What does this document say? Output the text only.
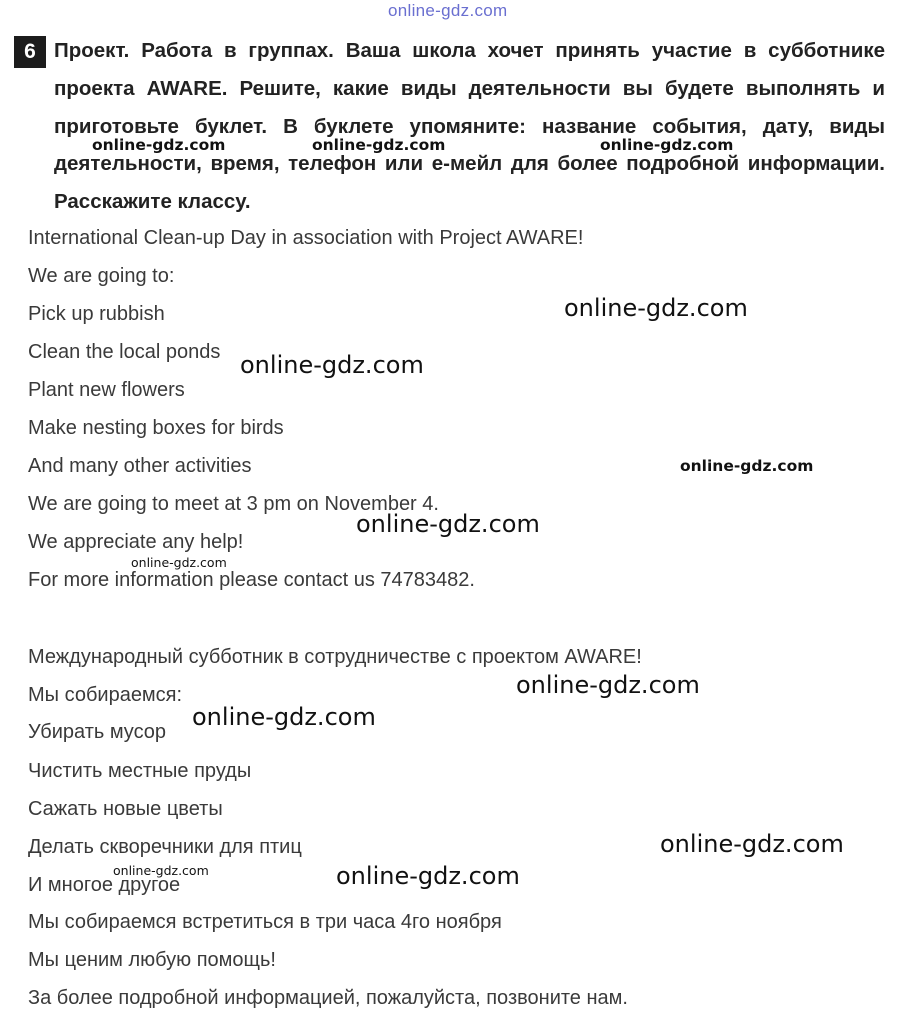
online-gdz.com
6 Проект. Работа в группах. Ваша школа хочет принять участие в субботнике проекта AWARE. Решите, какие виды деятельности вы будете выполнять и приготовьте буклет. В буклете упомяните: название события, дату, виды деятельности, время, телефон или е-мейл для более подробной информации. Расскажите классу.

International Clean-up Day in association with Project AWARE!
We are going to:
Pick up rubbish
Clean the local ponds
Plant new flowers
Make nesting boxes for birds
And many other activities
We are going to meet at 3 pm on November 4.
We appreciate any help!
For more information please contact us 74783482.
Международный субботник в сотрудничестве с проектом AWARE!
Мы собираемся:
Убирать мусор
Чистить местные пруды
Сажать новые цветы
Делать скворечники для птиц
И многое другое
Мы собираемся встретиться в три часа 4го ноября
Мы ценим любую помощь!
За более подробной информацией, пожалуйста, позвоните нам.
online-gdz.com	online-gdz.com	online-gdz.com
online-gdz.com
online-gdz.com
online-gdz.com
online-gdz.com
online-gdz.com
online-gdz.com
online-gdz.com
online-gdz.com
online-gdz.com
online-gdz.com
